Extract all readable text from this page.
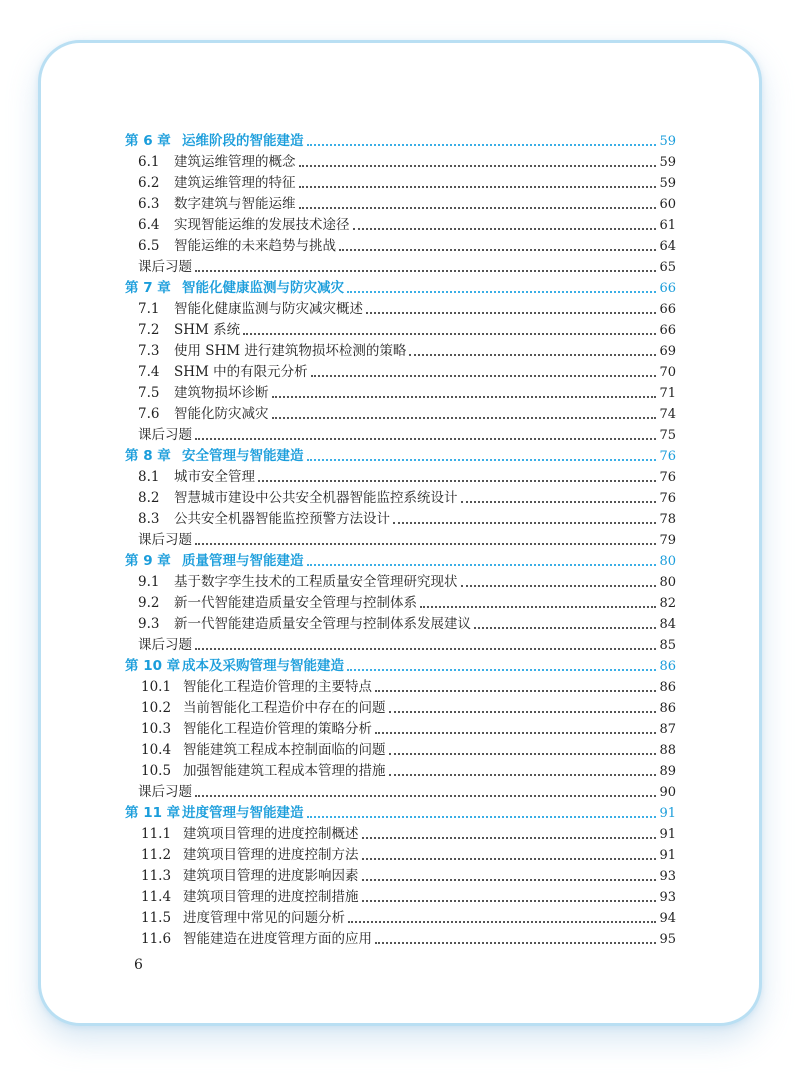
第 6 章 运维阶段的智能建造	59
6.1	建筑运维管理的概念	59
6.2	建筑运维管理的特征	59
6.3	数字建筑与智能运维	60
6.4	实现智能运维的发展技术途径	61
6.5	智能运维的未来趋势与挑战	64
课后习题	65
第 7 章 智能化健康监测与防灾减灾	66
7.1	智能化健康监测与防灾减灾概述	66
7.2	SHM 系统	66
7.3	使用 SHM 进行建筑物损坏检测的策略	69
7.4	SHM 中的有限元分析	70
7.5	建筑物损坏诊断	71
7.6	智能化防灾减灾	74
课后习题	75
第 8 章 安全管理与智能建造	76
8.1	城市安全管理	76
8.2	智慧城市建设中公共安全机器智能监控系统设计	76
8.3	公共安全机器智能监控预警方法设计	78
课后习题	79
第 9 章 质量管理与智能建造	80
9.1	基于数字孪生技术的工程质量安全管理研究现状	80
9.2	新一代智能建造质量安全管理与控制体系	82
9.3	新一代智能建造质量安全管理与控制体系发展建议	84
课后习题	85
第 10 章 成本及采购管理与智能建造	86
10.1 智能化工程造价管理的主要特点	86
10.2 当前智能化工程造价中存在的问题	86
10.3 智能化工程造价管理的策略分析	87
10.4 智能建筑工程成本控制面临的问题	88
10.5 加强智能建筑工程成本管理的措施	89
课后习题	90
第 11 章 进度管理与智能建造	91
11.1 建筑项目管理的进度控制概述	91
11.2 建筑项目管理的进度控制方法	91
11.3 建筑项目管理的进度影响因素	93
11.4 建筑项目管理的进度控制措施	93
11.5 进度管理中常见的问题分析	94
11.6 智能建造在进度管理方面的应用	95
6
